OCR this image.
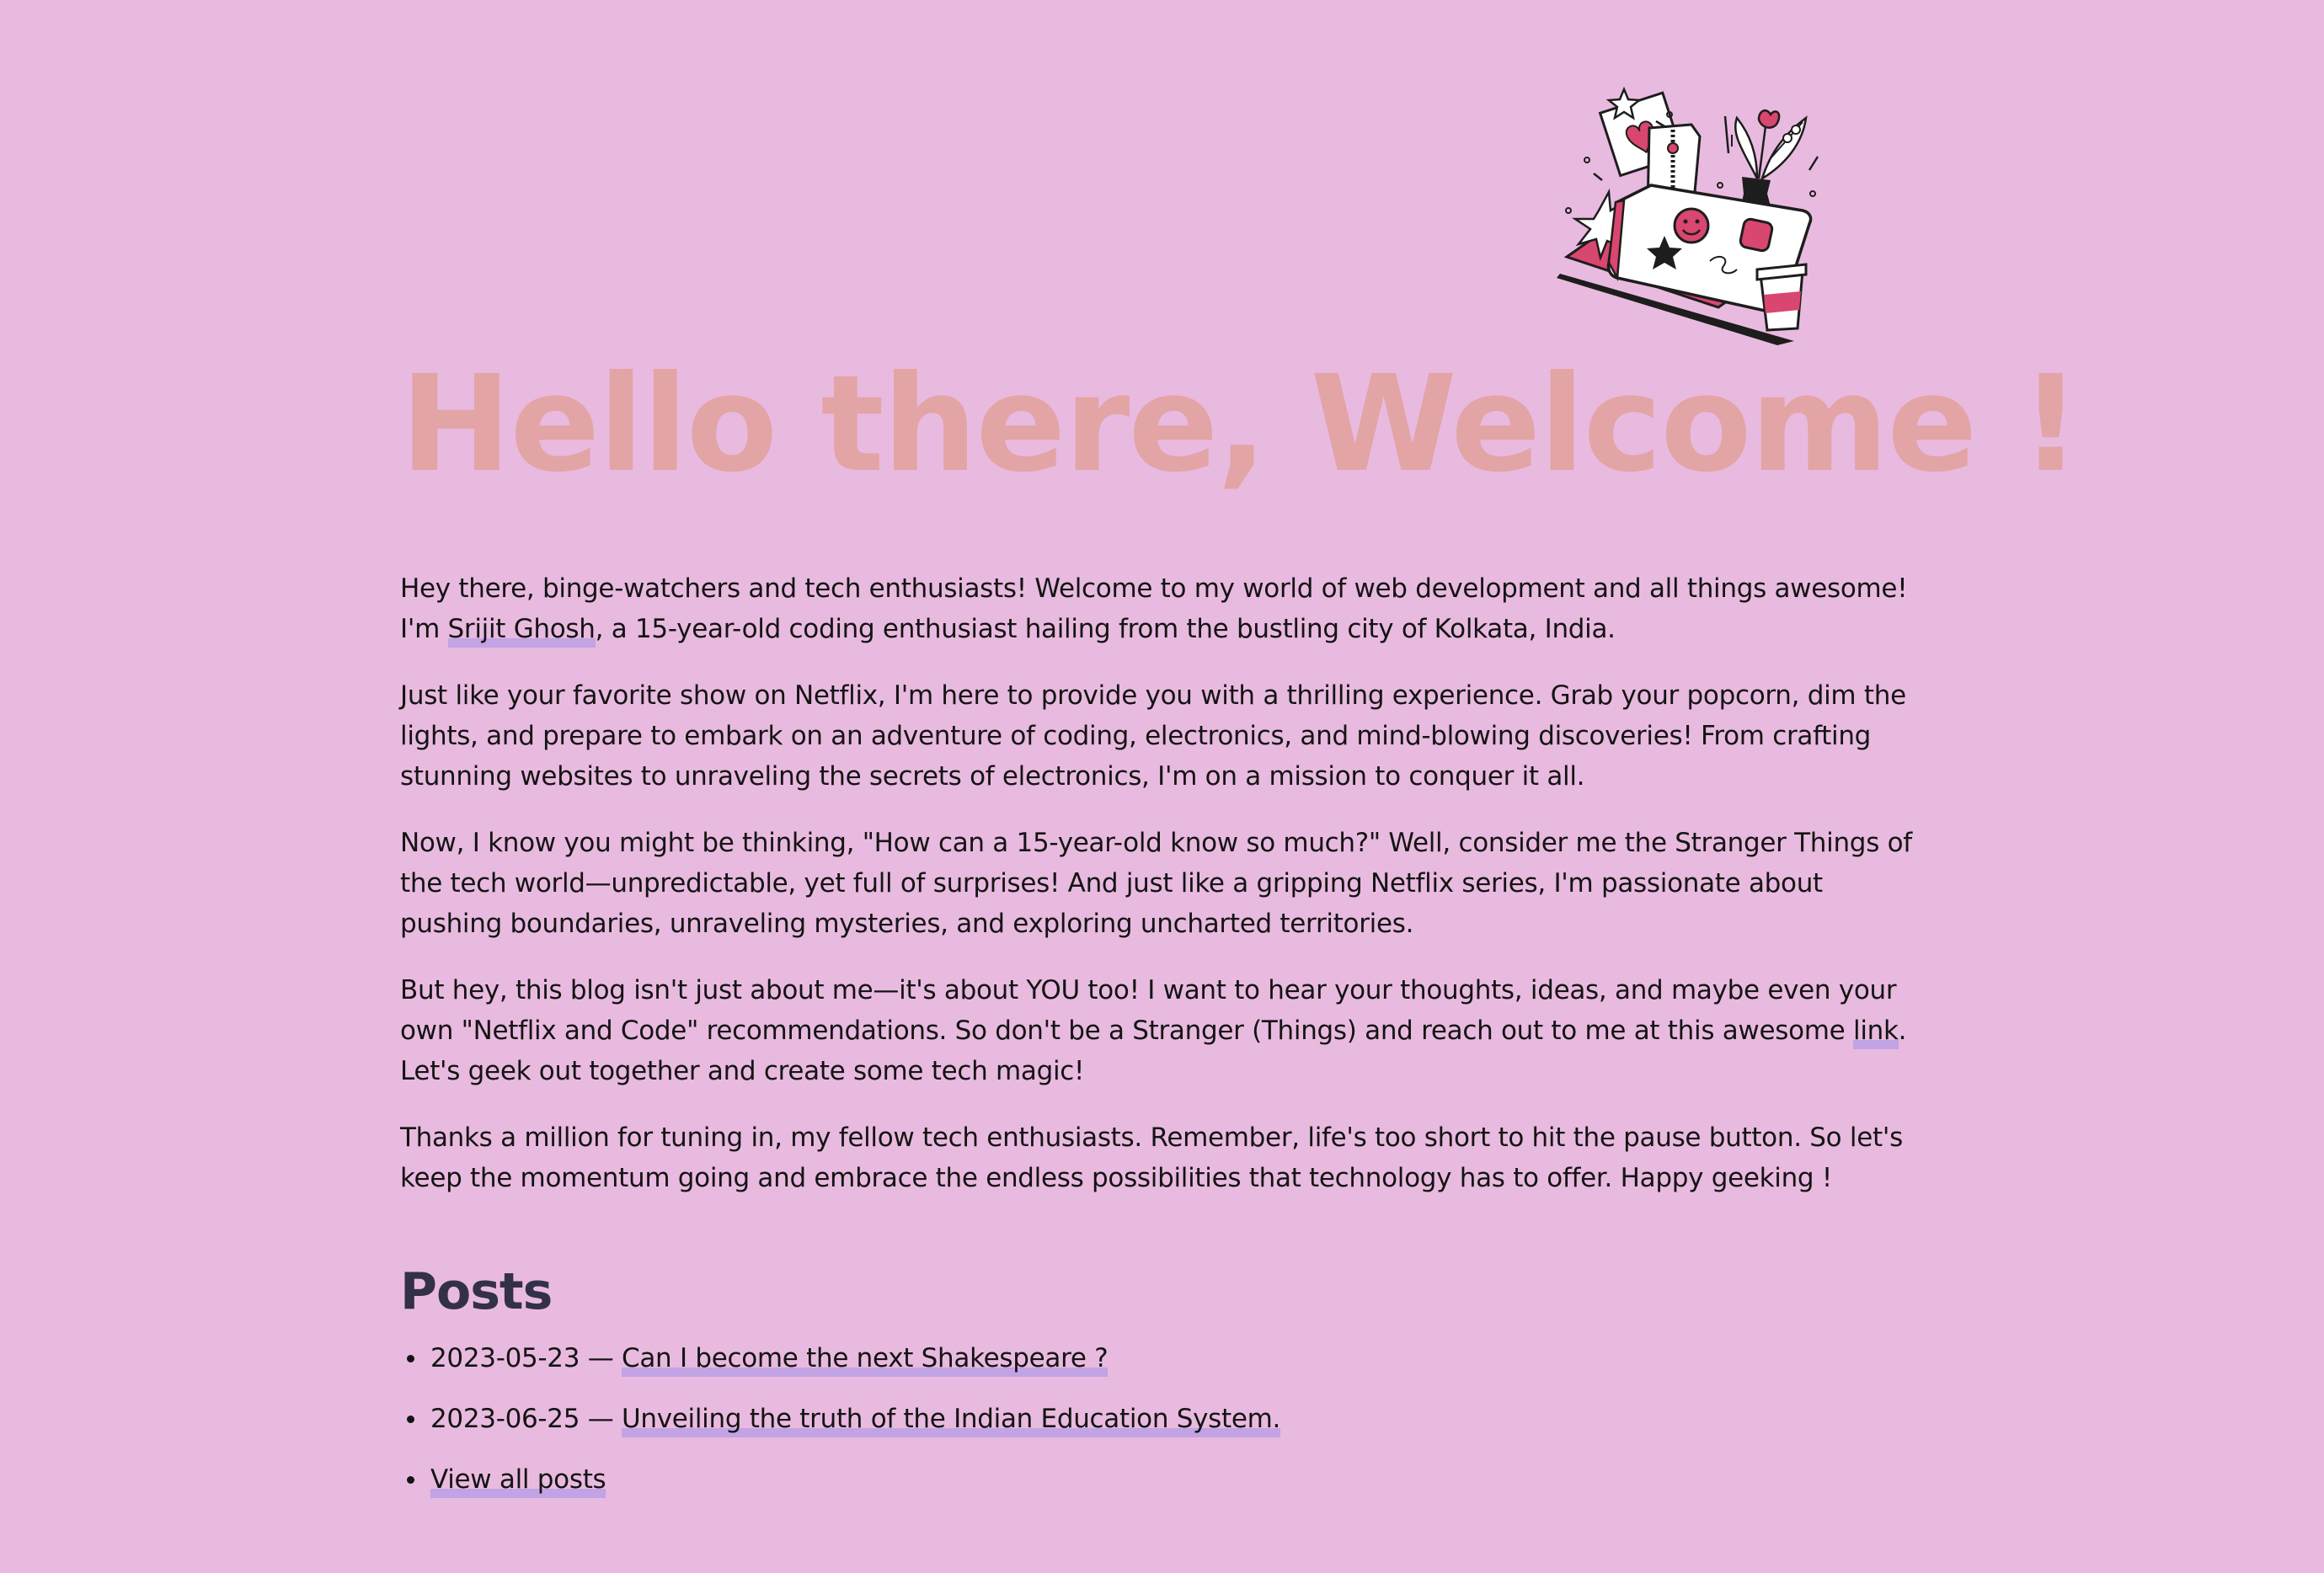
Hello there, Welcome !

Hey there, binge-watchers and tech enthusiasts! Welcome to my world of web development and all things awesome! I'm Srijit Ghosh, a 15-year-old coding enthusiast hailing from the bustling city of Kolkata, India.

Just like your favorite show on Netflix, I'm here to provide you with a thrilling experience. Grab your popcorn, dim the lights, and prepare to embark on an adventure of coding, electronics, and mind-blowing discoveries! From crafting stunning websites to unraveling the secrets of electronics, I'm on a mission to conquer it all.

Now, I know you might be thinking, "How can a 15-year-old know so much?" Well, consider me the Stranger Things of the tech world—unpredictable, yet full of surprises! And just like a gripping Netflix series, I'm passionate about pushing boundaries, unraveling mysteries, and exploring uncharted territories.

But hey, this blog isn't just about me—it's about YOU too! I want to hear your thoughts, ideas, and maybe even your own "Netflix and Code" recommendations. So don't be a Stranger (Things) and reach out to me at this awesome link. Let's geek out together and create some tech magic!

Thanks a million for tuning in, my fellow tech enthusiasts. Remember, life's too short to hit the pause button. So let's keep the momentum going and embrace the endless possibilities that technology has to offer. Happy geeking !

Posts
2023-05-23 — Can I become the next Shakespeare ?
2023-06-25 — Unveiling the truth of the Indian Education System.
View all posts
